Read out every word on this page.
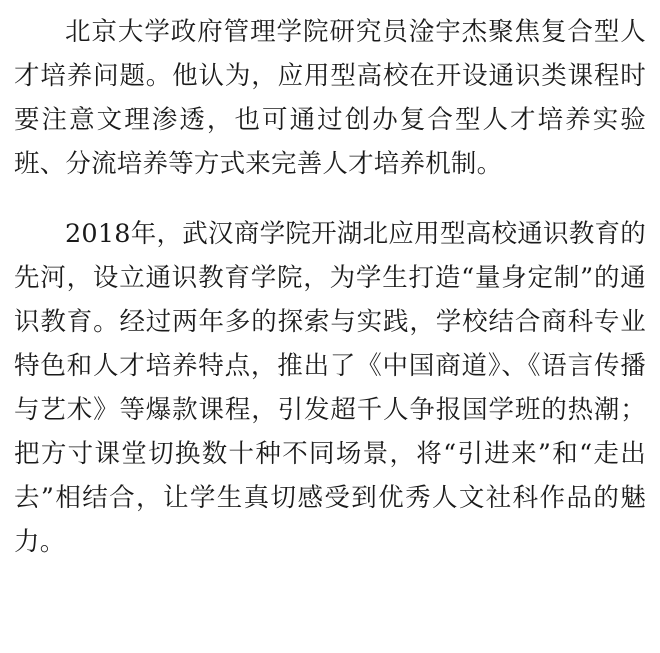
北京大学政府管理学院研究员淦宇杰聚焦复合型人才培养问题。他认为，应用型高校在开设通识类课程时要注意文理渗透，也可通过创办复合型人才培养实验班、分流培养等方式来完善人才培养机制。

2018年，武汉商学院开湖北应用型高校通识教育的先河，设立通识教育学院，为学生打造“量身定制”的通识教育。经过两年多的探索与实践，学校结合商科专业特色和人才培养特点，推出了《中国商道》、《语言传播与艺术》等爆款课程，引发超千人争报国学班的热潮；把方寸课堂切换数十种不同场景，将“引进来”和“走出去”相结合，让学生真切感受到优秀人文社科作品的魅力。
